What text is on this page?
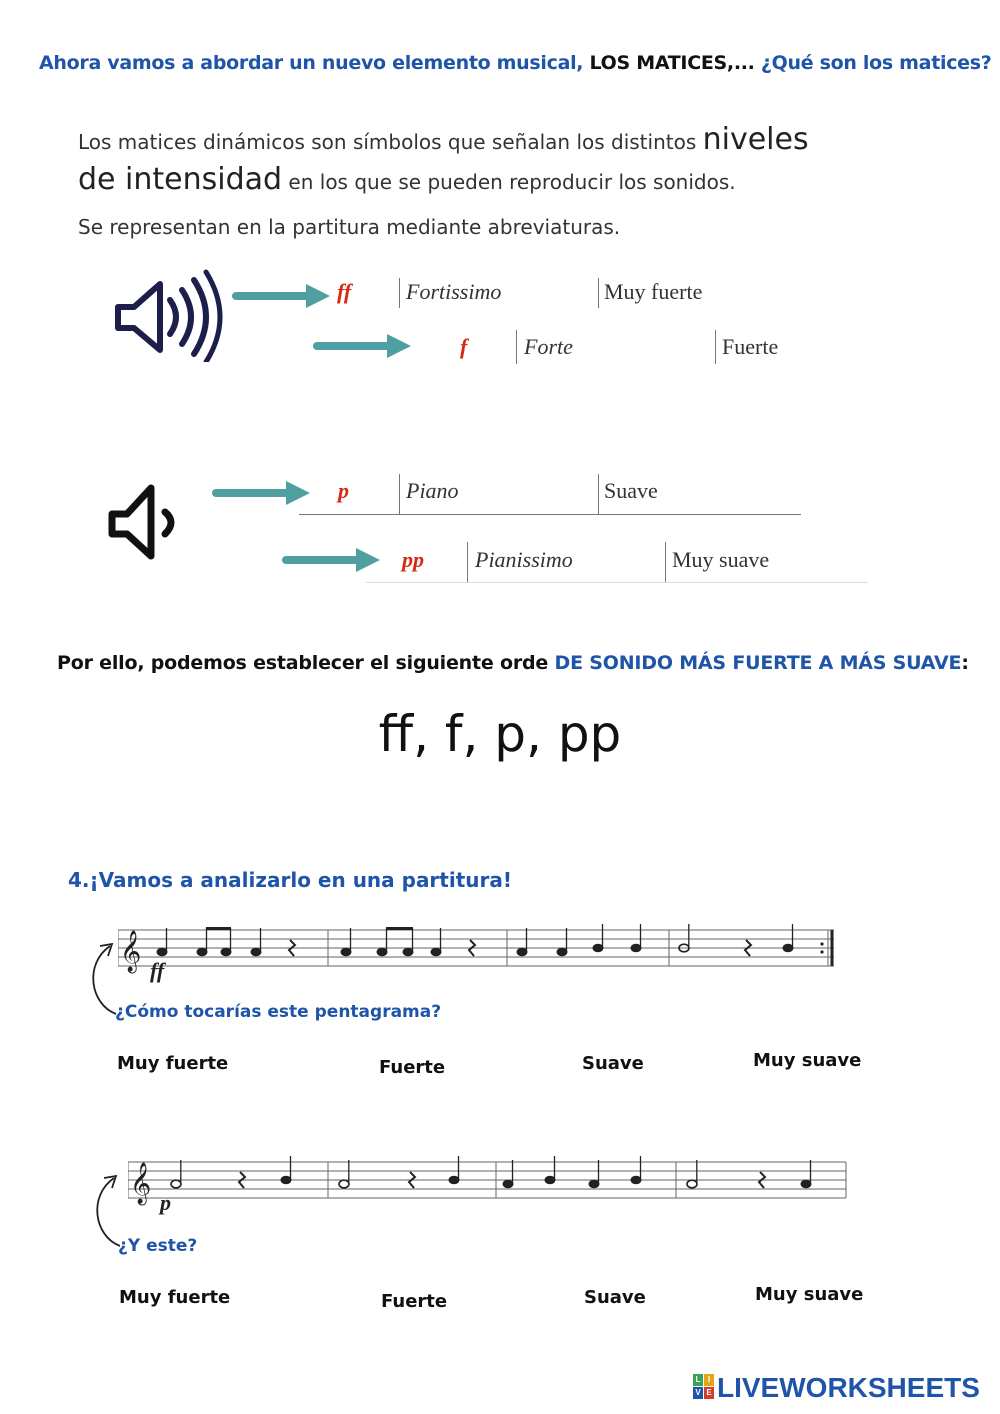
Ahora vamos a abordar un nuevo elemento musical, LOS MATICES,... ¿Qué son los matices?
Los matices dinámicos son símbolos que señalan los distintos niveles
de intensidad en los que se pueden reproducir los sonidos.
Se representan en la partitura mediante abreviaturas.
ff Fortissimo	Muy fuerte
f	Forte	Fuerte
p	Piano	Suave
pp Pianissimo	Muy suave
Por ello, podemos establecer el siguiente orde DE SONIDO MÁS FUERTE A MÁS SUAVE:
ff, f, p, pp
4.¡Vamos a analizarlo en una partitura!
𝄞 ff
¿Cómo tocarías este pentagrama?
Muy fuerte	Fuerte	Suave	Muy suave
𝄞 p
¿Y este?
Muy fuerte	Fuerte	Suave	Muy suave
L I
V E LIVEWORKSHEETS
